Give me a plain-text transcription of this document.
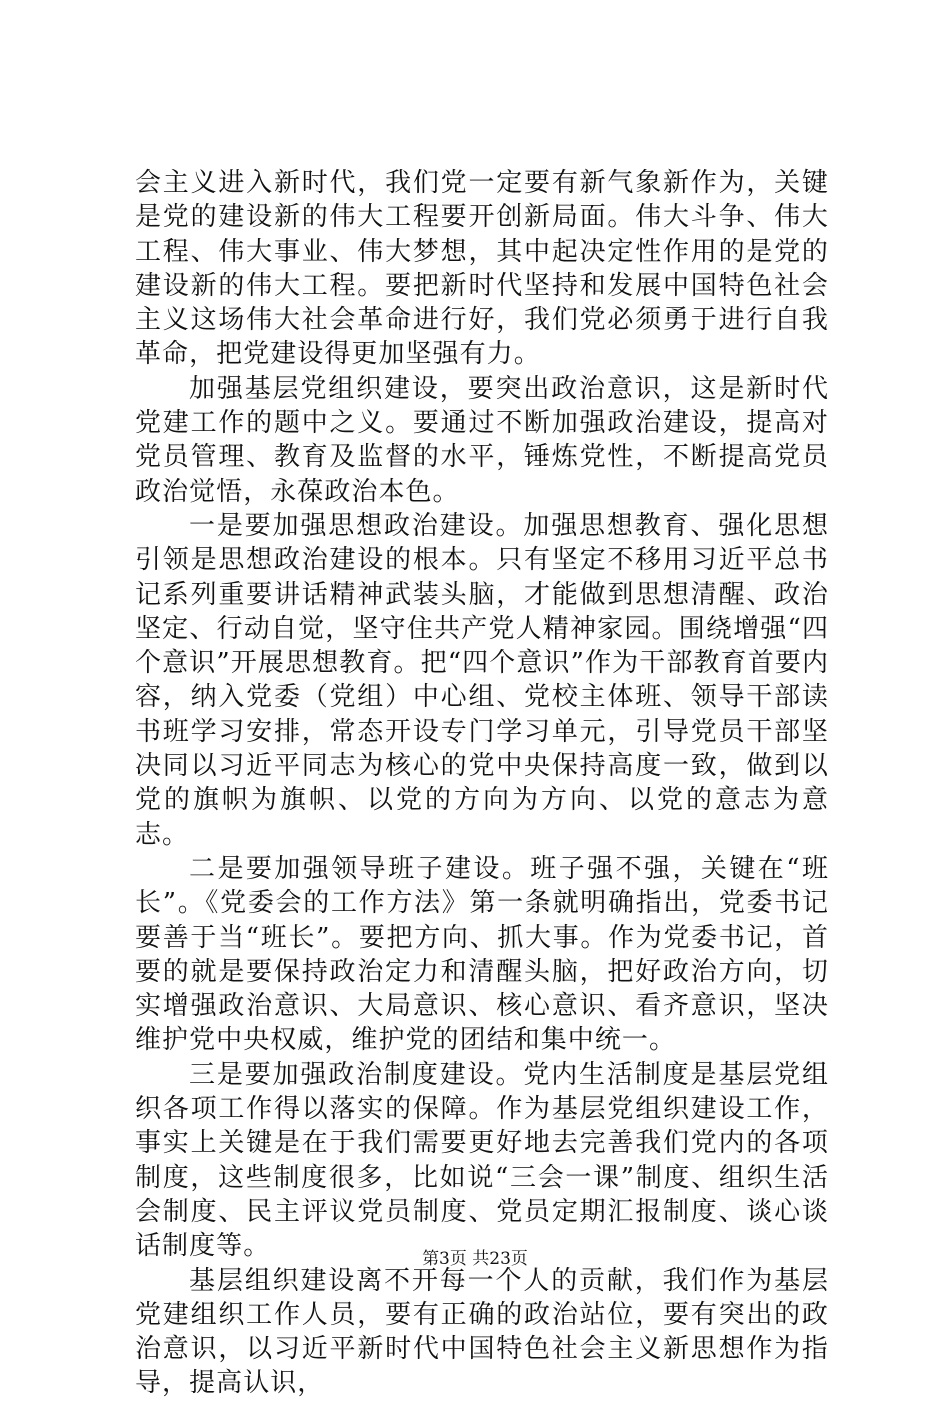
会主义进入新时代，我们党一定要有新气象新作为，关键是党的建设新的伟大工程要开创新局面。伟大斗争、伟大工程、伟大事业、伟大梦想，其中起决定性作用的是党的建设新的伟大工程。要把新时代坚持和发展中国特色社会主义这场伟大社会革命进行好，我们党必须勇于进行自我革命，把党建设得更加坚强有力。

加强基层党组织建设，要突出政治意识，这是新时代党建工作的题中之义。要通过不断加强政治建设，提高对党员管理、教育及监督的水平，锤炼党性，不断提高党员政治觉悟，永葆政治本色。

一是要加强思想政治建设。加强思想教育、强化思想引领是思想政治建设的根本。只有坚定不移用习近平总书记系列重要讲话精神武装头脑，才能做到思想清醒、政治坚定、行动自觉，坚守住共产党人精神家园。围绕增强“四个意识”开展思想教育。把“四个意识”作为干部教育首要内容，纳入党委（党组）中心组、党校主体班、领导干部读书班学习安排，常态开设专门学习单元，引导党员干部坚决同以习近平同志为核心的党中央保持高度一致，做到以党的旗帜为旗帜、以党的方向为方向、以党的意志为意志。

二是要加强领导班子建设。班子强不强，关键在“班长”。《党委会的工作方法》第一条就明确指出，党委书记要善于当“班长”。要把方向、抓大事。作为党委书记，首要的就是要保持政治定力和清醒头脑，把好政治方向，切实增强政治意识、大局意识、核心意识、看齐意识，坚决维护党中央权威，维护党的团结和集中统一。

三是要加强政治制度建设。党内生活制度是基层党组织各项工作得以落实的保障。作为基层党组织建设工作，事实上关键是在于我们需要更好地去完善我们党内的各项制度，这些制度很多，比如说“三会一课”制度、组织生活会制度、民主评议党员制度、党员定期汇报制度、谈心谈话制度等。

基层组织建设离不开每一个人的贡献，我们作为基层党建组织工作人员，要有正确的政治站位，要有突出的政治意识，以习近平新时代中国特色社会主义新思想作为指导，提高认识，

第3页 共23页
